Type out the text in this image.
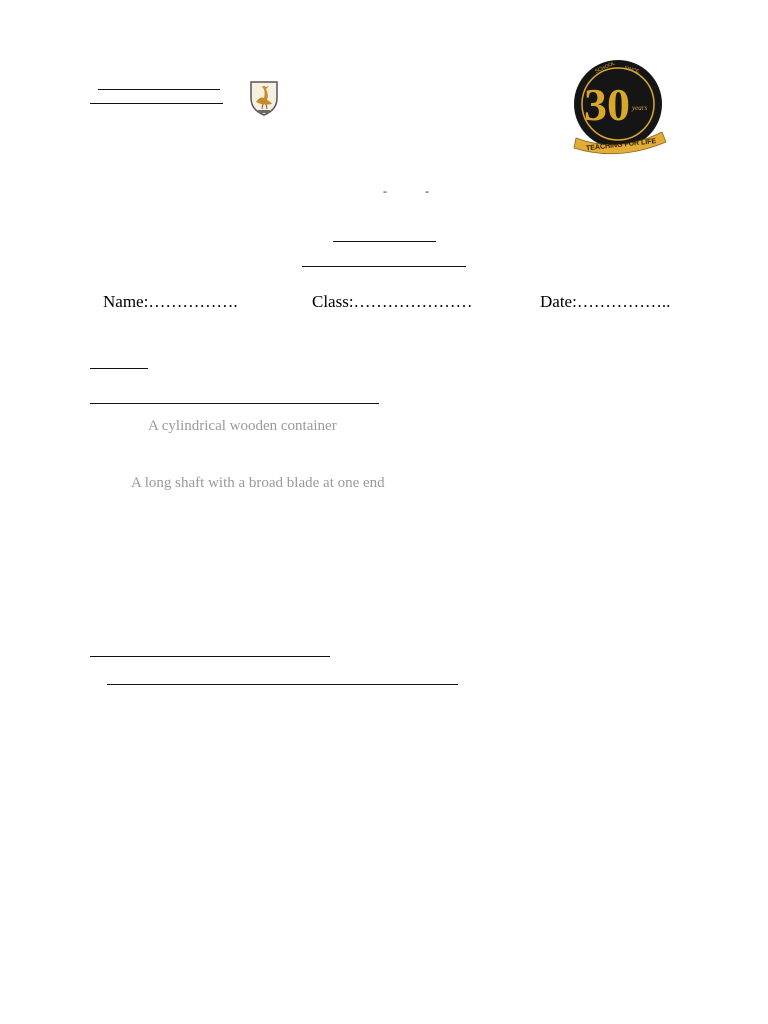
SCHOOL SINCE
30 years
TEACHING FOR LIFE
-	-
Name:…………….	Class:…………………	Date:……………..
A cylindrical wooden container
A long shaft with a broad blade at one end
